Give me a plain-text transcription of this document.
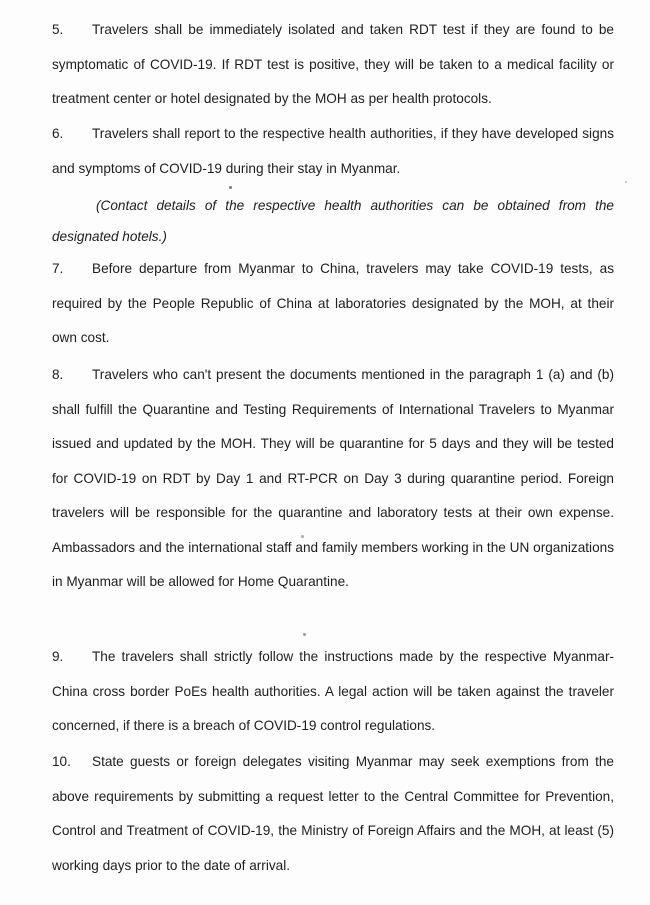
5. Travelers shall be immediately isolated and taken RDT test if they are found to be symptomatic of COVID-19. If RDT test is positive, they will be taken to a medical facility or treatment center or hotel designated by the MOH as per health protocols.

6. Travelers shall report to the respective health authorities, if they have developed signs and symptoms of COVID-19 during their stay in Myanmar.

(Contact details of the respective health authorities can be obtained from the designated hotels.)

7. Before departure from Myanmar to China, travelers may take COVID-19 tests, as required by the People Republic of China at laboratories designated by the MOH, at their own cost.

8. Travelers who can't present the documents mentioned in the paragraph 1 (a) and (b) shall fulfill the Quarantine and Testing Requirements of International Travelers to Myanmar issued and updated by the MOH. They will be quarantine for 5 days and they will be tested for COVID-19 on RDT by Day 1 and RT-PCR on Day 3 during quarantine period. Foreign travelers will be responsible for the quarantine and laboratory tests at their own expense. Ambassadors and the international staff and family members working in the UN organizations in Myanmar will be allowed for Home Quarantine.

9. The travelers shall strictly follow the instructions made by the respective Myanmar-China cross border PoEs health authorities. A legal action will be taken against the traveler concerned, if there is a breach of COVID-19 control regulations.

10. State guests or foreign delegates visiting Myanmar may seek exemptions from the above requirements by submitting a request letter to the Central Committee for Prevention, Control and Treatment of COVID-19, the Ministry of Foreign Affairs and the MOH, at least (5) working days prior to the date of arrival.
